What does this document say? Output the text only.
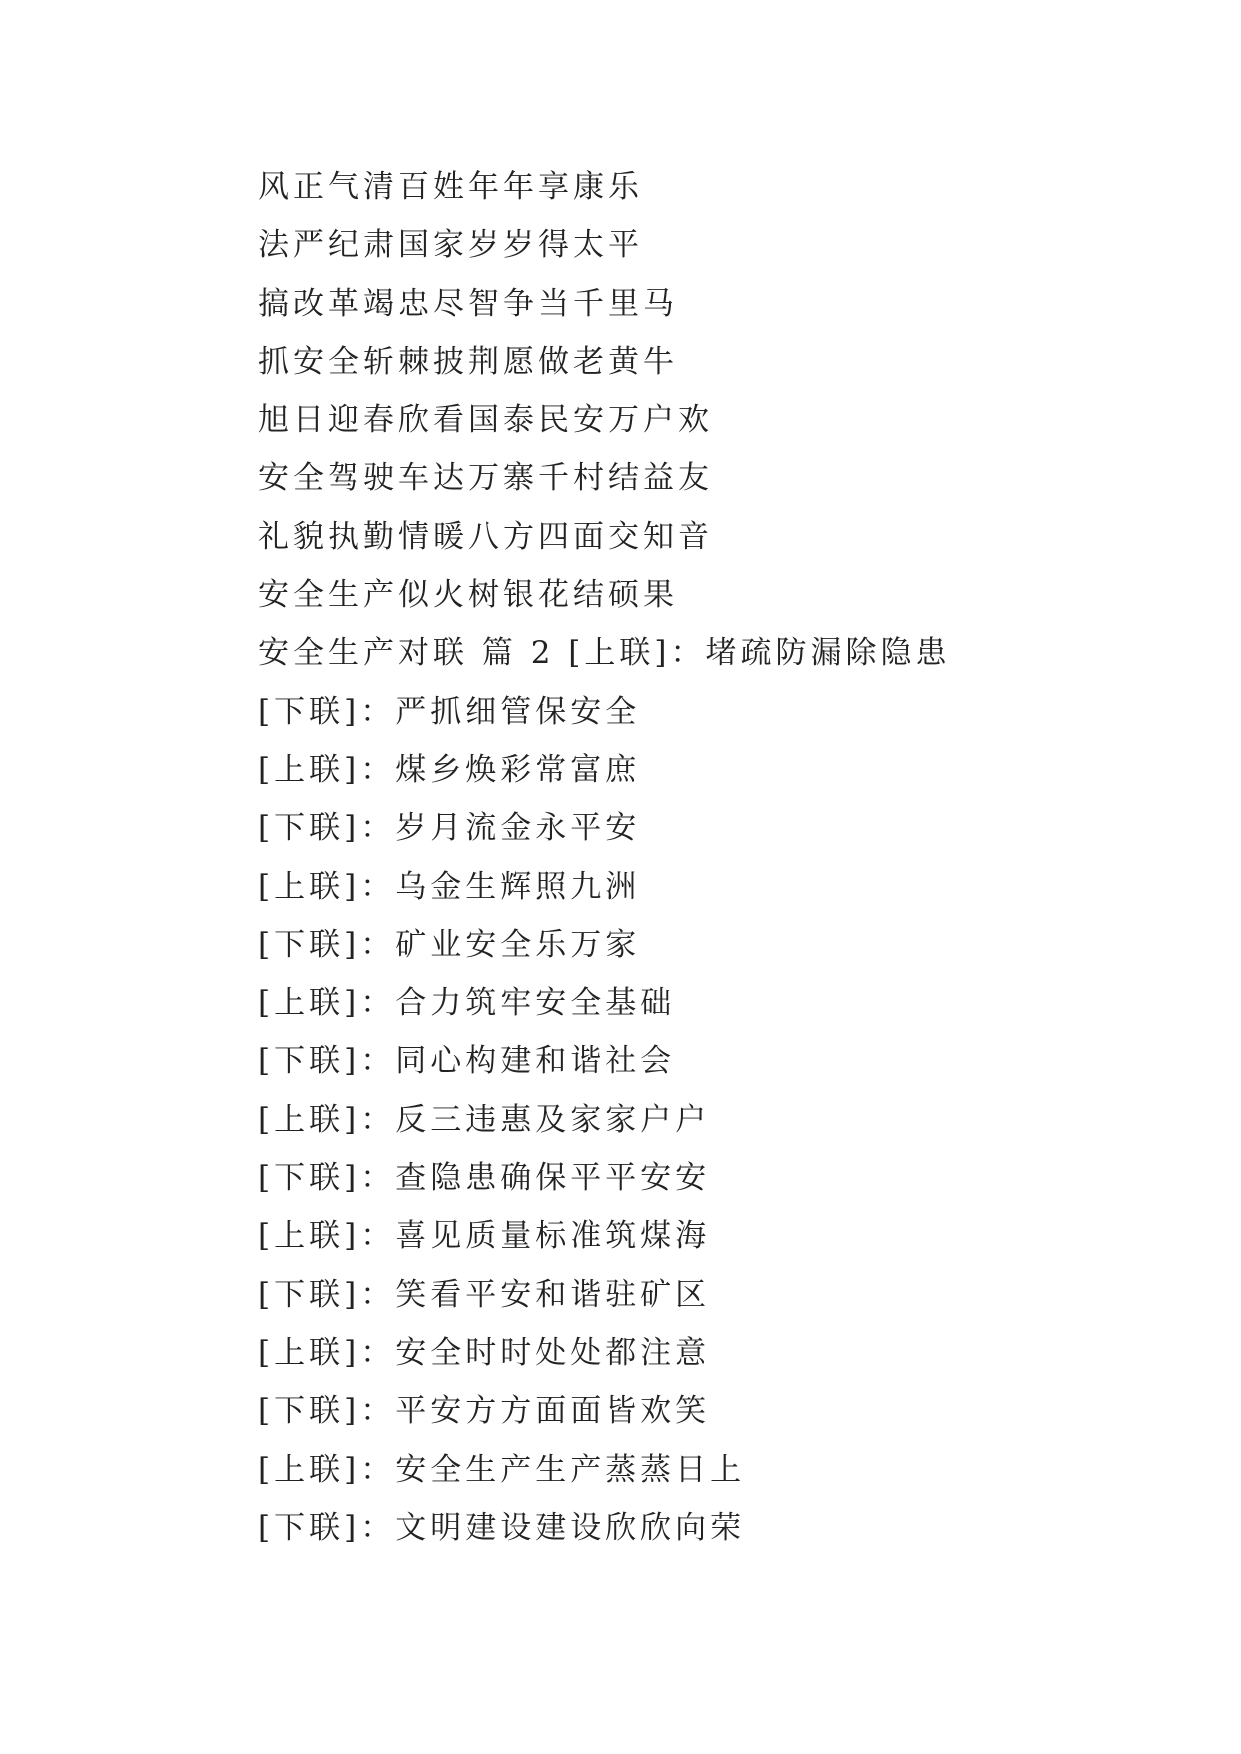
风正气清百姓年年享康乐
法严纪肃国家岁岁得太平
搞改革竭忠尽智争当千里马
抓安全斩棘披荆愿做老黄牛
旭日迎春欣看国泰民安万户欢
安全驾驶车达万寨千村结益友
礼貌执勤情暖八方四面交知音
安全生产似火树银花结硕果
安全生产对联 篇 2 [上联]：堵疏防漏除隐患
[下联]：严抓细管保安全
[上联]：煤乡焕彩常富庶
[下联]：岁月流金永平安
[上联]：乌金生辉照九洲
[下联]：矿业安全乐万家
[上联]：合力筑牢安全基础
[下联]：同心构建和谐社会
[上联]：反三违惠及家家户户
[下联]：查隐患确保平平安安
[上联]：喜见质量标准筑煤海
[下联]：笑看平安和谐驻矿区
[上联]：安全时时处处都注意
[下联]：平安方方面面皆欢笑
[上联]：安全生产生产蒸蒸日上
[下联]：文明建设建设欣欣向荣
